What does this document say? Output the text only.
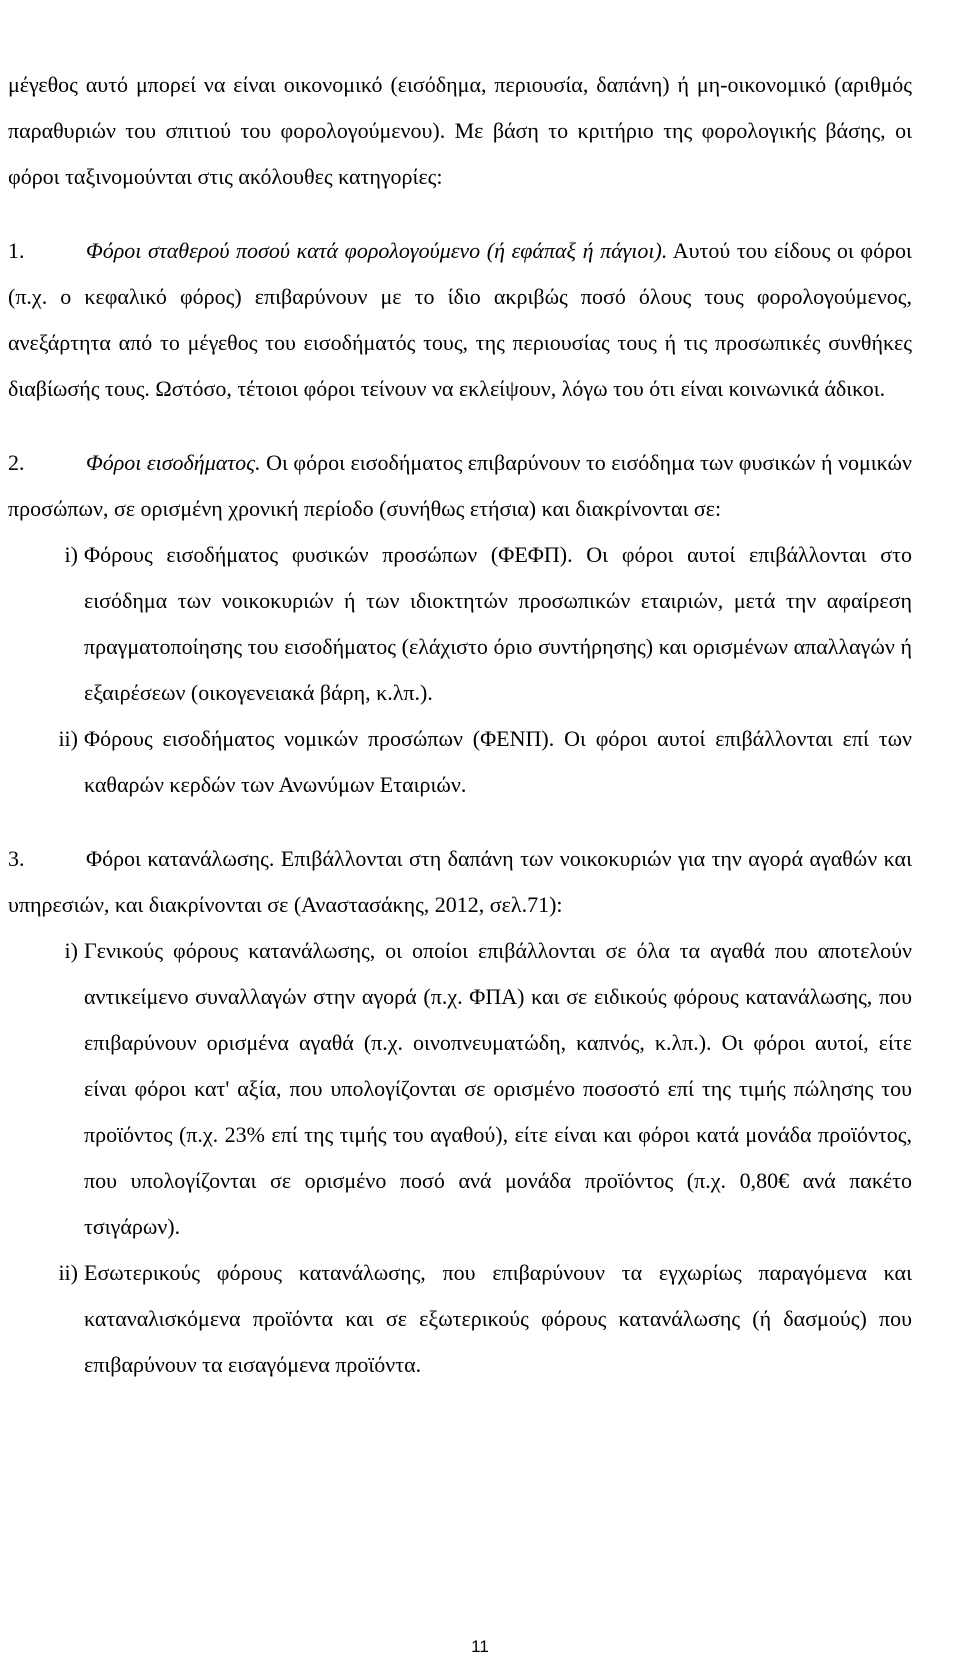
μέγεθος αυτό μπορεί να είναι οικονομικό (εισόδημα, περιουσία, δαπάνη) ή μη-οικονομικό (αριθμός παραθυριών του σπιτιού του φορολογούμενου). Με βάση το κριτήριο της φορολογικής βάσης, οι φόροι ταξινομούνται στις ακόλουθες κατηγορίες:

1.	Φόροι σταθερού ποσού κατά φορολογούμενο (ή εφάπαξ ή πάγιοι). Αυτού του είδους οι φόροι (π.χ. ο κεφαλικό φόρος) επιβαρύνουν με το ίδιο ακριβώς ποσό όλους τους φορολογούμενος, ανεξάρτητα από το μέγεθος του εισοδήματός τους, της περιουσίας τους ή τις προσωπικές συνθήκες διαβίωσής τους. Ωστόσο, τέτοιοι φόροι τείνουν να εκλείψουν, λόγω του ότι είναι κοινωνικά άδικοι.

2.	Φόροι εισοδήματος. Οι φόροι εισοδήματος επιβαρύνουν το εισόδημα των φυσικών ή νομικών προσώπων, σε ορισμένη χρονική περίοδο (συνήθως ετήσια) και διακρίνονται σε:

i) Φόρους εισοδήματος φυσικών προσώπων (ΦΕΦΠ). Οι φόροι αυτοί επιβάλλονται στο εισόδημα των νοικοκυριών ή των ιδιοκτητών προσωπικών εταιριών, μετά την αφαίρεση πραγματοποίησης του εισοδήματος (ελάχιστο όριο συντήρησης) και ορισμένων απαλλαγών ή εξαιρέσεων (οικογενειακά βάρη, κ.λπ.).
ii) Φόρους εισοδήματος νομικών προσώπων (ΦΕΝΠ). Οι φόροι αυτοί επιβάλλονται επί των καθαρών κερδών των Ανωνύμων Εταιριών.

3.	Φόροι κατανάλωσης. Επιβάλλονται στη δαπάνη των νοικοκυριών για την αγορά αγαθών και υπηρεσιών, και διακρίνονται σε (Αναστασάκης, 2012, σελ.71):

i) Γενικούς φόρους κατανάλωσης, οι οποίοι επιβάλλονται σε όλα τα αγαθά που αποτελούν αντικείμενο συναλλαγών στην αγορά (π.χ. ΦΠΑ) και σε ειδικούς φόρους κατανάλωσης, που επιβαρύνουν ορισμένα αγαθά (π.χ. οινοπνευματώδη, καπνός, κ.λπ.). Οι φόροι αυτοί, είτε είναι φόροι κατ' αξία, που υπολογίζονται σε ορισμένο ποσοστό επί της τιμής πώλησης του προϊόντος (π.χ. 23% επί της τιμής του αγαθού), είτε είναι και φόροι κατά μονάδα προϊόντος, που υπολογίζονται σε ορισμένο ποσό ανά μονάδα προϊόντος (π.χ. 0,80€ ανά πακέτο τσιγάρων).
ii) Εσωτερικούς φόρους κατανάλωσης, που επιβαρύνουν τα εγχωρίως παραγόμενα και καταναλισκόμενα προϊόντα και σε εξωτερικούς φόρους κατανάλωσης (ή δασμούς) που επιβαρύνουν τα εισαγόμενα προϊόντα.
11
